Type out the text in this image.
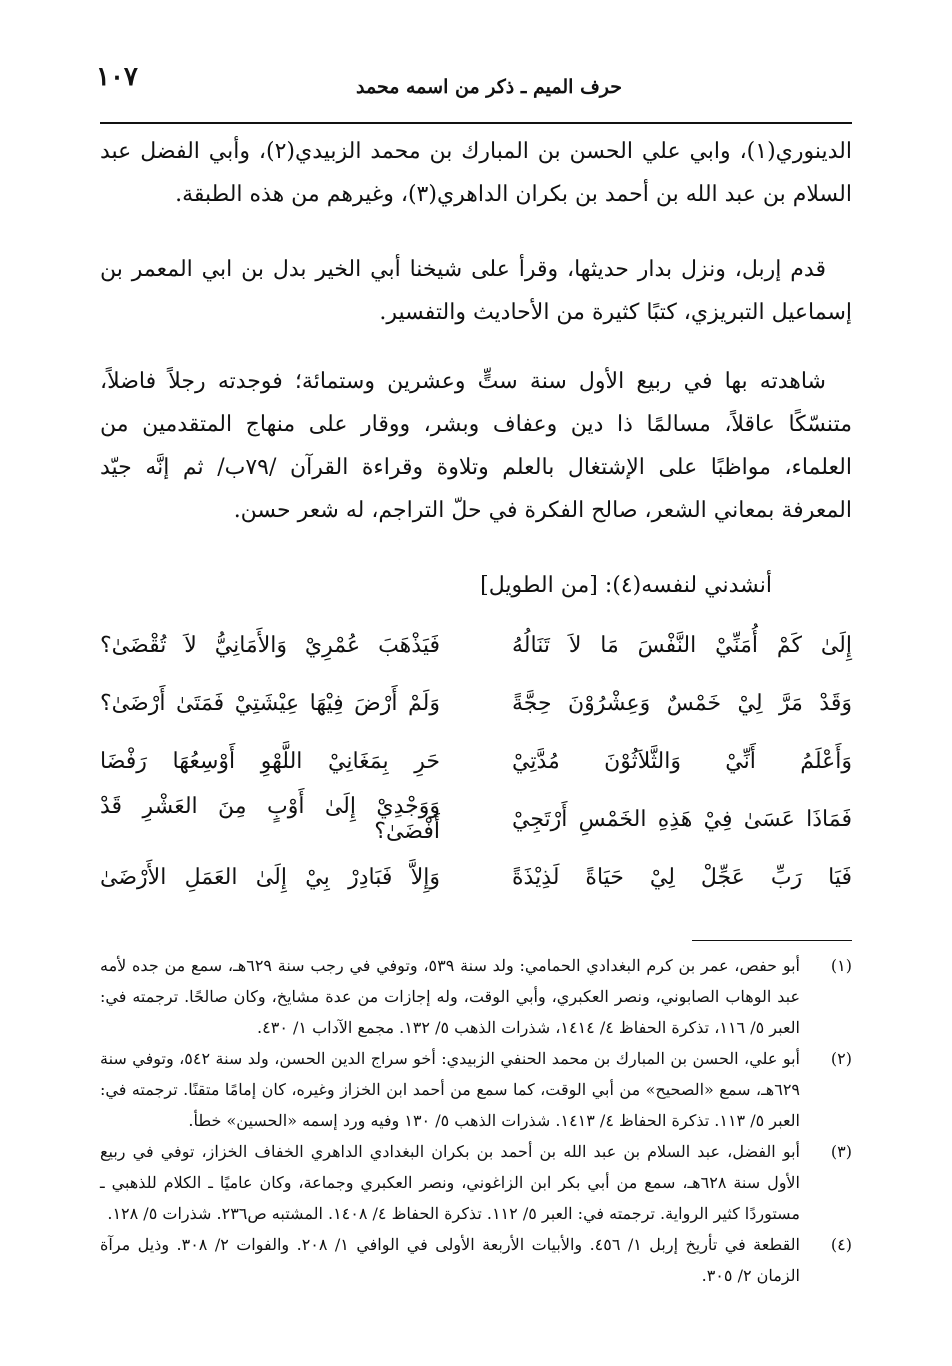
١٠٧	حرف الميم ـ ذكر من اسمه محمد

الدينوري(١)، وابي علي الحسن بن المبارك بن محمد الزبيدي(٢)، وأبي الفضل عبد السلام بن عبد الله بن أحمد بن بكران الداهري(٣)، وغيرهم من هذه الطبقة.

قدم إربل، ونزل بدار حديثها، وقرأ على شيخنا أبي الخير بدل بن ابي المعمر بن إسماعيل التبريزي، كتبًا كثيرة من الأحاديث والتفسير.

شاهدته بها في ربيع الأول سنة ستٍّ وعشرين وستمائة؛ فوجدته رجلاً فاضلاً، متنسّكًا عاقلاً، مسالمًا ذا دين وعفاف وبشر، ووقار على منهاج المتقدمين من العلماء، مواظبًا على الإشتغال بالعلم وتلاوة وقراءة القرآن /٧٩ب/ ثم إنَّه جيّد المعرفة بمعاني الشعر، صالح الفكرة في حلّ التراجم، له شعر حسن.

أنشدني لنفسه(٤): [من الطويل]
إِلَىٰ كَمْ أُمَنِّيْ النَّفْسَ مَا لاَ تَنَالُهُ
فَيَذْهَبَ عُمْرِيْ وَالأَمَانِيُّ لاَ تُقْضَىٰ؟
وَقَدْ مَرَّ لِيْ خَمْسٌ وَعِشْرُوْنَ حِجَّةً
وَلَمْ أَرْضَ فِيْهَا عِيْشَتِيْ فَمَتَىٰ أَرْضَىٰ؟
وَأَعْلَمُ أَنِّيْ وَالثَّلاَثُوْنَ مُدَّتِيْ
حَرِ بِمَغَانِيْ اللَّهْوِ أَوْسِعُهَا رَفْضَا
فَمَاذَا عَسَىٰ فِيْ هَذِهِ الخَمْسِ أَرْتَجِيْ
وَوَجْدِيْ إِلَىٰ أَوْبٍ مِنَ العَشْرِ قَدْ أَفْضَىٰ؟
فَيَا رَبِّ عَجِّلْ لِيْ حَيَاةً لَذِيْذَةً
وَإِلاَّ فَبَادِرْ بِيْ إِلَىٰ العَمَلِ الأَرْضَىٰ
(١)
أبو حفص، عمر بن كرم البغدادي الحمامي: ولد سنة ٥٣٩، وتوفي في رجب سنة ٦٢٩هـ، سمع من جده لأمه عبد الوهاب الصابوني، ونصر العكبري، وأبي الوقت، وله إجازات من عدة مشايخ، وكان صالحًا. ترجمته في: العبر ٥/ ١١٦، تذكرة الحفاظ ٤/ ١٤١٤، شذرات الذهب ٥/ ١٣٢. مجمع الآداب ١/ ٤٣٠.
(٢)
أبو علي، الحسن بن المبارك بن محمد الحنفي الزبيدي: أخو سراج الدين الحسن، ولد سنة ٥٤٢، وتوفي سنة ٦٢٩هـ، سمع «الصحيح» من أبي الوقت، كما سمع من أحمد ابن الخزاز وغيره، كان إمامًا متقنًا. ترجمته في: العبر ٥/ ١١٣. تذكرة الحفاظ ٤/ ١٤١٣. شذرات الذهب ٥/ ١٣٠ وفيه ورد إسمه «الحسين» خطأ.
(٣)
أبو الفضل، عبد السلام بن عبد الله بن أحمد بن بكران البغدادي الداهري الخفاف الخزاز، توفي في ربيع الأول سنة ٦٢٨هـ، سمع من أبي بكر ابن الزاغوني، ونصر العكبري وجماعة، وكان عاميًا ـ الكلام للذهبي ـ مستوردًا كثير الرواية. ترجمته في: العبر ٥/ ١١٢. تذكرة الحفاظ ٤/ ١٤٠٨. المشتبه ص٢٣٦. شذرات ٥/ ١٢٨.
(٤)
القطعة في تأريخ إربل ١/ ٤٥٦. والأبيات الأربعة الأولى في الوافي ١/ ٢٠٨. والفوات ٢/ ٣٠٨. وذيل مرآة الزمان ٢/ ٣٠٥.
